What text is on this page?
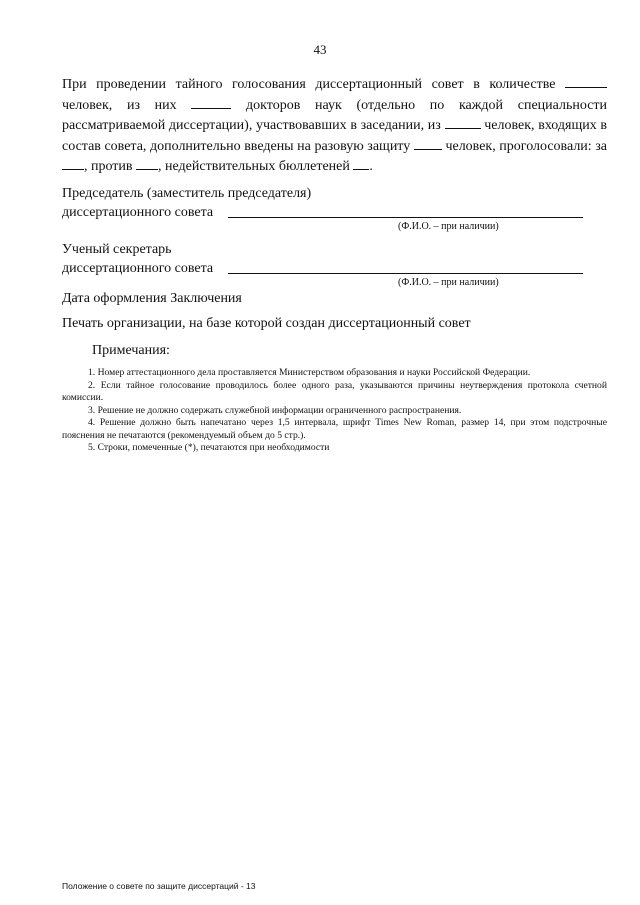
43
При проведении тайного голосования диссертационный совет в количестве  человек, из них	докторов наук (отдельно по каждой специальности рассматриваемой диссертации), участвовавших в заседании, из	человек, входящих в состав совета, дополнительно введены на разовую защиту	человек, проголосовали: за, против , недействительных бюллетеней .
Председатель (заместитель председателя)
диссертационного совета
(Ф.И.О. – при наличии)
Ученый секретарь
диссертационного совета
(Ф.И.О. – при наличии)
Дата оформления Заключения
Печать организации, на базе которой создан диссертационный совет
Примечания:

1. Номер аттестационного дела проставляется Министерством образования и науки Российской Федерации.

2. Если тайное голосование проводилось более одного раза, указываются причины неутверждения протокола счетной комиссии.

3. Решение не должно содержать служебной информации ограниченного распространения.

4. Решение должно быть напечатано через 1,5 интервала, шрифт Times New Roman, размер 14, при этом подстрочные пояснения не печатаются (рекомендуемый объем до 5 стр.).

5. Строки, помеченные (*), печатаются при необходимости

Положение о совете по защите диссертаций - 13
